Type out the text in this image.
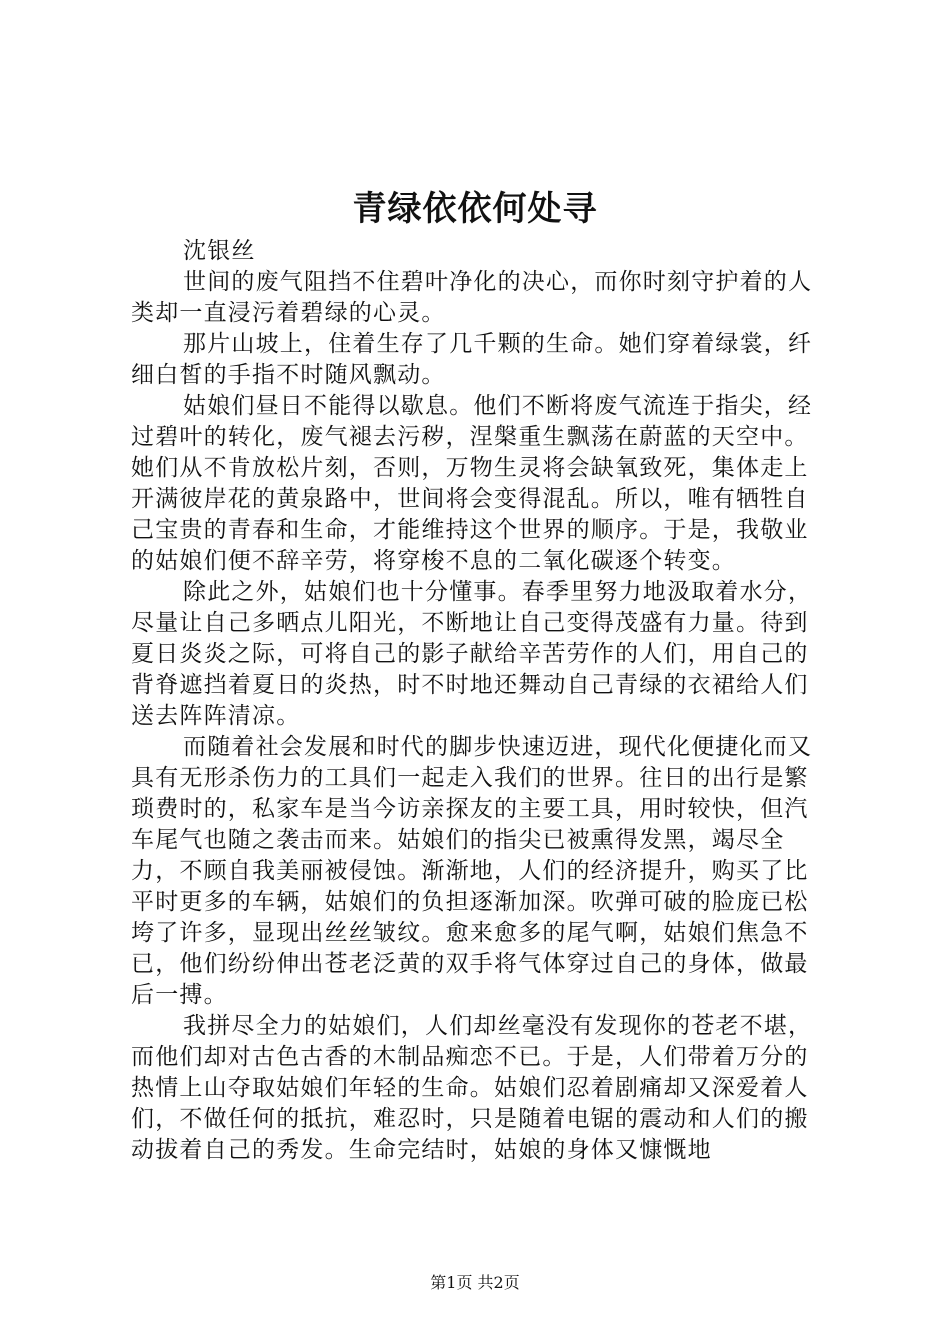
青绿依依何处寻

沈银丝

世间的废气阻挡不住碧叶净化的决心，而你时刻守护着的人类却一直浸污着碧绿的心灵。

那片山坡上，住着生存了几千颗的生命。她们穿着绿裳，纤细白皙的手指不时随风飘动。

姑娘们昼日不能得以歇息。他们不断将废气流连于指尖，经过碧叶的转化，废气褪去污秽，涅槃重生飘荡在蔚蓝的天空中。她们从不肯放松片刻，否则，万物生灵将会缺氧致死，集体走上开满彼岸花的黄泉路中，世间将会变得混乱。所以，唯有牺牲自己宝贵的青春和生命，才能维持这个世界的顺序。于是，我敬业的姑娘们便不辞辛劳，将穿梭不息的二氧化碳逐个转变。

除此之外，姑娘们也十分懂事。春季里努力地汲取着水分，尽量让自己多晒点儿阳光，不断地让自己变得茂盛有力量。待到夏日炎炎之际，可将自己的影子献给辛苦劳作的人们，用自己的背脊遮挡着夏日的炎热，时不时地还舞动自己青绿的衣裙给人们送去阵阵清凉。

而随着社会发展和时代的脚步快速迈进，现代化便捷化而又具有无形杀伤力的工具们一起走入我们的世界。往日的出行是繁琐费时的，私家车是当今访亲探友的主要工具，用时较快，但汽车尾气也随之袭击而来。姑娘们的指尖已被熏得发黑，竭尽全力，不顾自我美丽被侵蚀。渐渐地，人们的经济提升，购买了比平时更多的车辆，姑娘们的负担逐渐加深。吹弹可破的脸庞已松垮了许多，显现出丝丝皱纹。愈来愈多的尾气啊，姑娘们焦急不已，他们纷纷伸出苍老泛黄的双手将气体穿过自己的身体，做最后一搏。

我拼尽全力的姑娘们，人们却丝毫没有发现你的苍老不堪，而他们却对古色古香的木制品痴恋不已。于是，人们带着万分的热情上山夺取姑娘们年轻的生命。姑娘们忍着剧痛却又深爱着人们，不做任何的抵抗，难忍时，只是随着电锯的震动和人们的搬动拔着自己的秀发。生命完结时，姑娘的身体又慷慨地

第1页 共2页
